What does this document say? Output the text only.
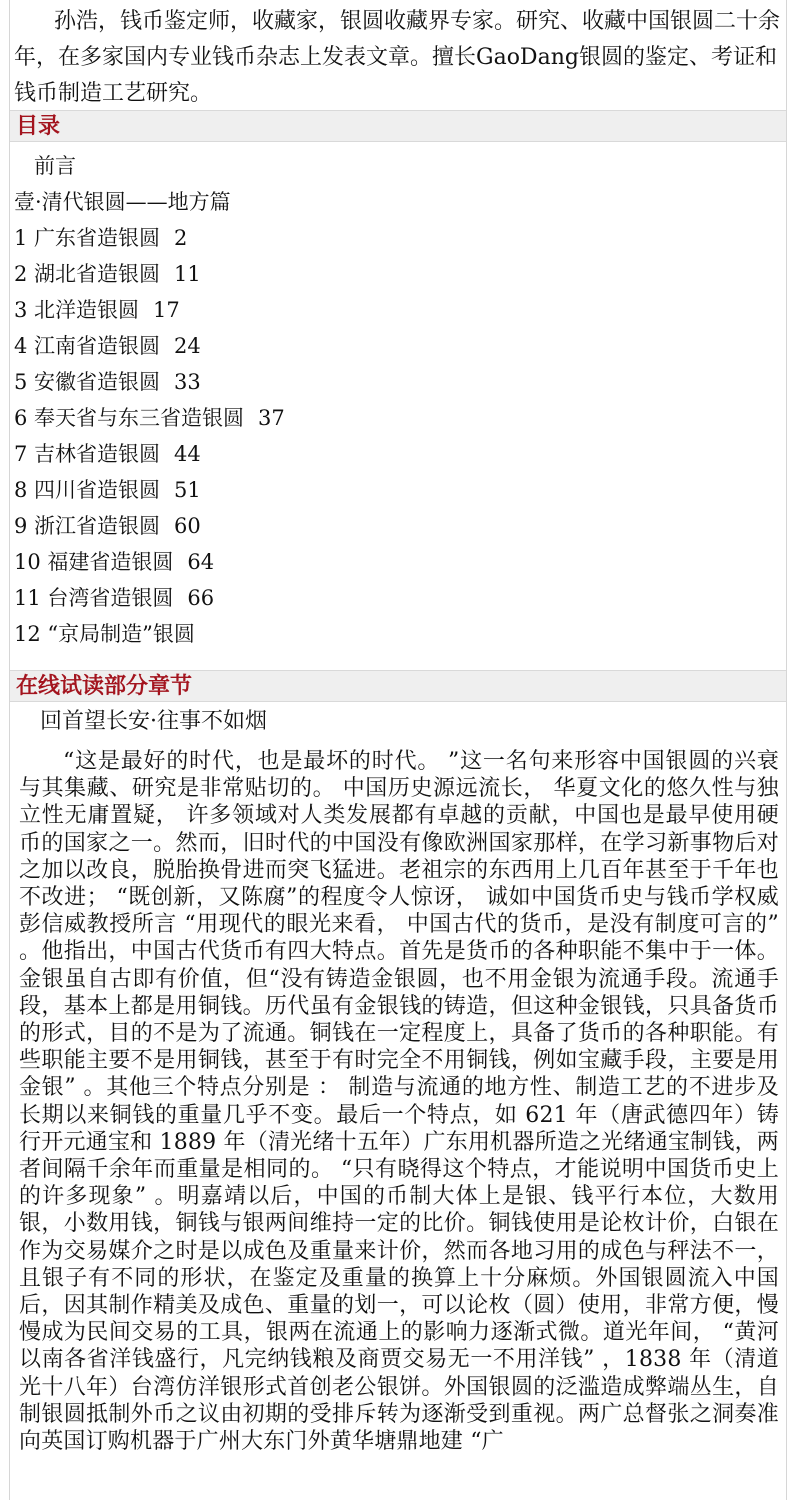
孙浩，钱币鉴定师，收藏家，银圆收藏界专家。研究、收藏中国银圆二十余年，在多家国内专业钱币杂志上发表文章。擅长GaoDang银圆的鉴定、考证和钱币制造工艺研究。

目录
前言
壹·清代银圆——地方篇
1 广东省造银圆 2
2 湖北省造银圆 11
3 北洋造银圆 17
4 江南省造银圆 24
5 安徽省造银圆 33
6 奉天省与东三省造银圆 37
7 吉林省造银圆 44
8 四川省造银圆 51
9 浙江省造银圆 60
10 福建省造银圆 64
11 台湾省造银圆 66
12 “京局制造”银圆
在线试读部分章节

回首望长安·往事不如烟

“这是最好的时代，也是最坏的时代。 ”这一名句来形容中国银圆的兴衰与其集藏、研究是非常贴切的。 中国历史源远流长， 华夏文化的悠久性与独立性无庸置疑， 许多领域对人类发展都有卓越的贡献，中国也是最早使用硬币的国家之一。然而，旧时代的中国没有像欧洲国家那样，在学习新事物后对之加以改良，脱胎换骨进而突飞猛进。老祖宗的东西用上几百年甚至于千年也不改进； “既创新，又陈腐”的程度令人惊讶， 诚如中国货币史与钱币学权威彭信威教授所言 “用现代的眼光来看， 中国古代的货币，是没有制度可言的” 。他指出，中国古代货币有四大特点。首先是货币的各种职能不集中于一体。金银虽自古即有价值，但“没有铸造金银圆，也不用金银为流通手段。流通手段，基本上都是用铜钱。历代虽有金银钱的铸造，但这种金银钱，只具备货币的形式，目的不是为了流通。铜钱在一定程度上，具备了货币的各种职能。有些职能主要不是用铜钱，甚至于有时完全不用铜钱，例如宝藏手段，主要是用金银” 。其他三个特点分别是 ： 制造与流通的地方性、制造工艺的不进步及长期以来铜钱的重量几乎不变。最后一个特点，如 621 年（唐武德四年）铸行开元通宝和 1889 年（清光绪十五年）广东用机器所造之光绪通宝制钱，两者间隔千余年而重量是相同的。 “只有晓得这个特点，才能说明中国货币史上的许多现象” 。明嘉靖以后，中国的币制大体上是银、钱平行本位，大数用银，小数用钱，铜钱与银两间维持一定的比价。铜钱使用是论枚计价，白银在作为交易媒介之时是以成色及重量来计价，然而各地习用的成色与秤法不一，且银子有不同的形状，在鉴定及重量的换算上十分麻烦。外国银圆流入中国后，因其制作精美及成色、重量的划一，可以论枚（圆）使用，非常方便，慢慢成为民间交易的工具，银两在流通上的影响力逐渐式微。道光年间， “黄河以南各省洋钱盛行，凡完纳钱粮及商贾交易无一不用洋钱” ，1838 年（清道光十八年）台湾仿洋银形式首创老公银饼。外国银圆的泛滥造成弊端丛生，自制银圆抵制外币之议由初期的受排斥转为逐渐受到重视。两广总督张之洞奏准向英国订购机器于广州大东门外黄华塘鼎地建 “广
